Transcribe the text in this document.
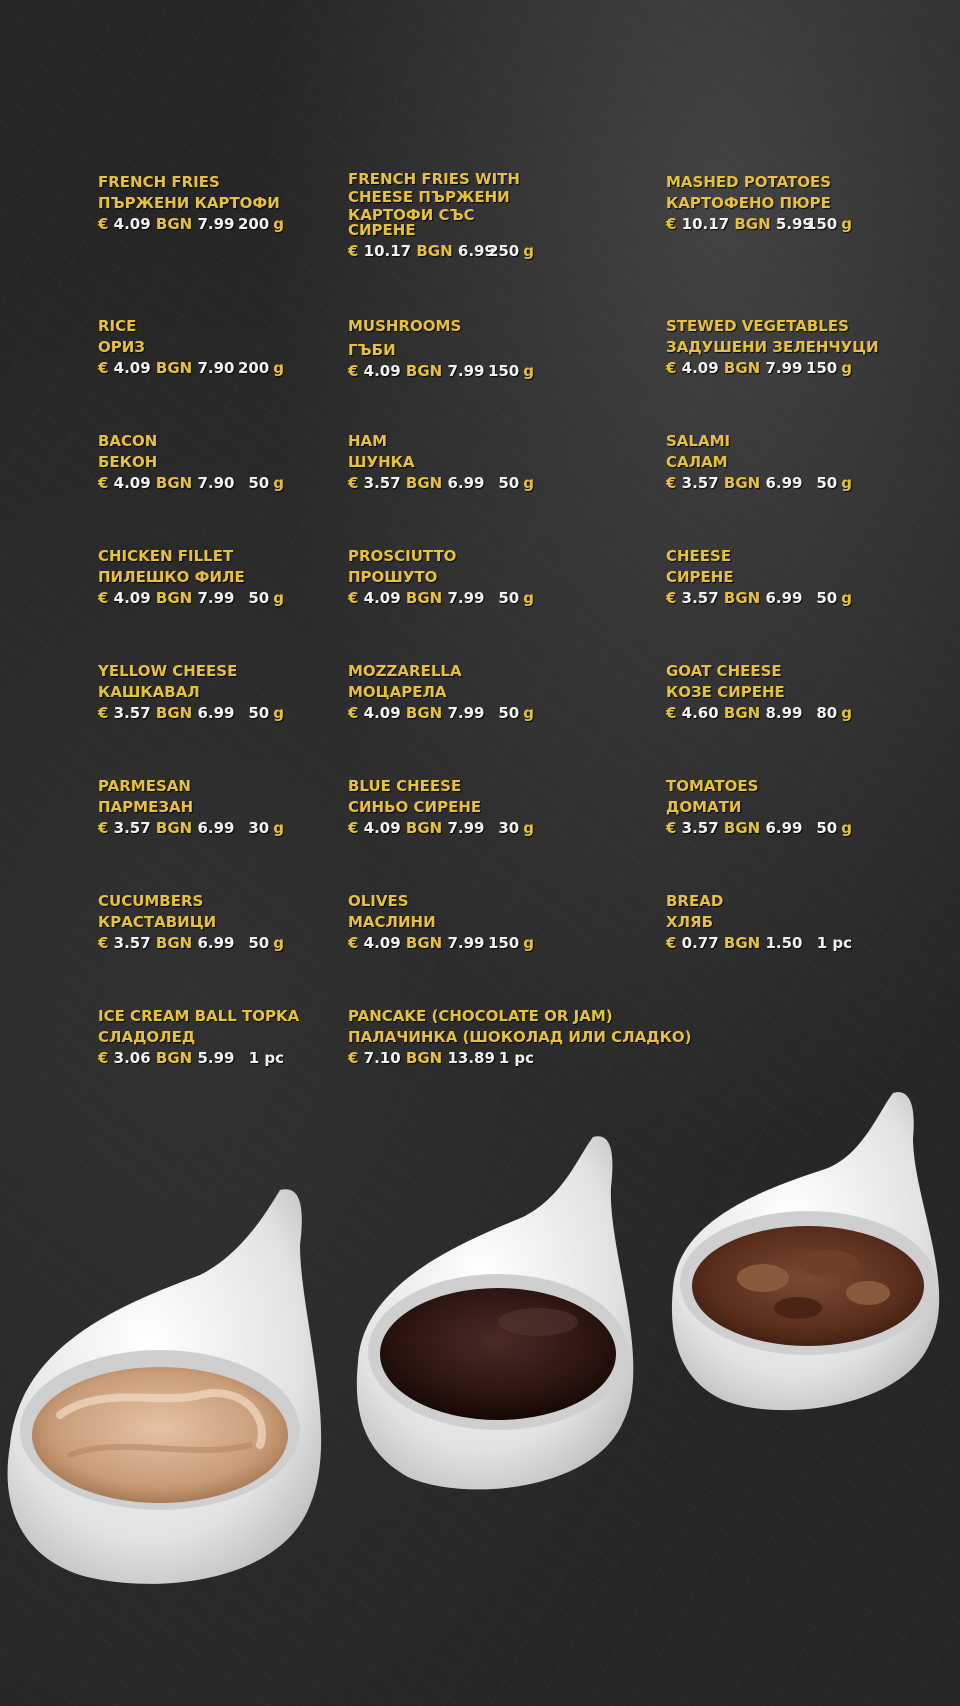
FRENCH FRIES
ПЪРЖЕНИ КАРТОФИ
€ 4.09 BGN 7.99 200 g
FRENCH FRIES WITH
CHEESE ПЪРЖЕНИ
КАРТОФИ СЪС
СИРЕНЕ
€ 10.17 BGN 6.99
250 g
MASHED POTATOES
КАРТОФЕНО ПЮРЕ
€ 10.17 BGN 5.99
150 g
RICE
ОРИЗ
€ 4.09 BGN 7.90 200 g
MUSHROOMS
ГЪБИ
€ 4.09 BGN 7.99 150 g
STEWED VEGETABLES
ЗАДУШЕНИ ЗЕЛЕНЧУЦИ
€ 4.09 BGN 7.99 150 g
BACON
БЕКОН
€ 4.09 BGN 7.90 50 g
HAM
ШУНКА
€ 3.57 BGN 6.99 50 g
SALAMI
САЛАМ
€ 3.57 BGN 6.99 50 g
CHICKEN FILLET
ПИЛЕШКО ФИЛЕ
€ 4.09 BGN 7.99 50 g
PROSCIUTTO
ПРОШУТО
€ 4.09 BGN 7.99 50 g
CHEESE
СИРЕНЕ
€ 3.57 BGN 6.99 50 g
YELLOW CHEESE
КАШКАВАЛ
€ 3.57 BGN 6.99 50 g
MOZZARELLA
МОЦАРЕЛА
€ 4.09 BGN 7.99 50 g
GOAT CHEESE
КОЗЕ СИРЕНЕ
€ 4.60 BGN 8.99 80 g
PARMESAN
ПАРМЕЗАН
€ 3.57 BGN 6.99 30 g
BLUE CHEESE
СИНЬО СИРЕНЕ
€ 4.09 BGN 7.99 30 g
TOMATOES
ДОМАТИ
€ 3.57 BGN 6.99 50 g
CUCUMBERS
КРАСТАВИЦИ
€ 3.57 BGN 6.99 50 g
OLIVES
МАСЛИНИ
€ 4.09 BGN 7.99 150 g
BREAD
ХЛЯБ
€ 0.77 BGN 1.50 1 pc
ICE CREAM BALL ТОPKA
СЛАДОЛЕД
€ 3.06 BGN 5.99 1 pc
PANCAKE (CHOCOLATE OR JAM)
ПАЛАЧИНКА (ШОКОЛАД ИЛИ СЛАДКО)
€ 7.10 BGN 13.89 1 pc
